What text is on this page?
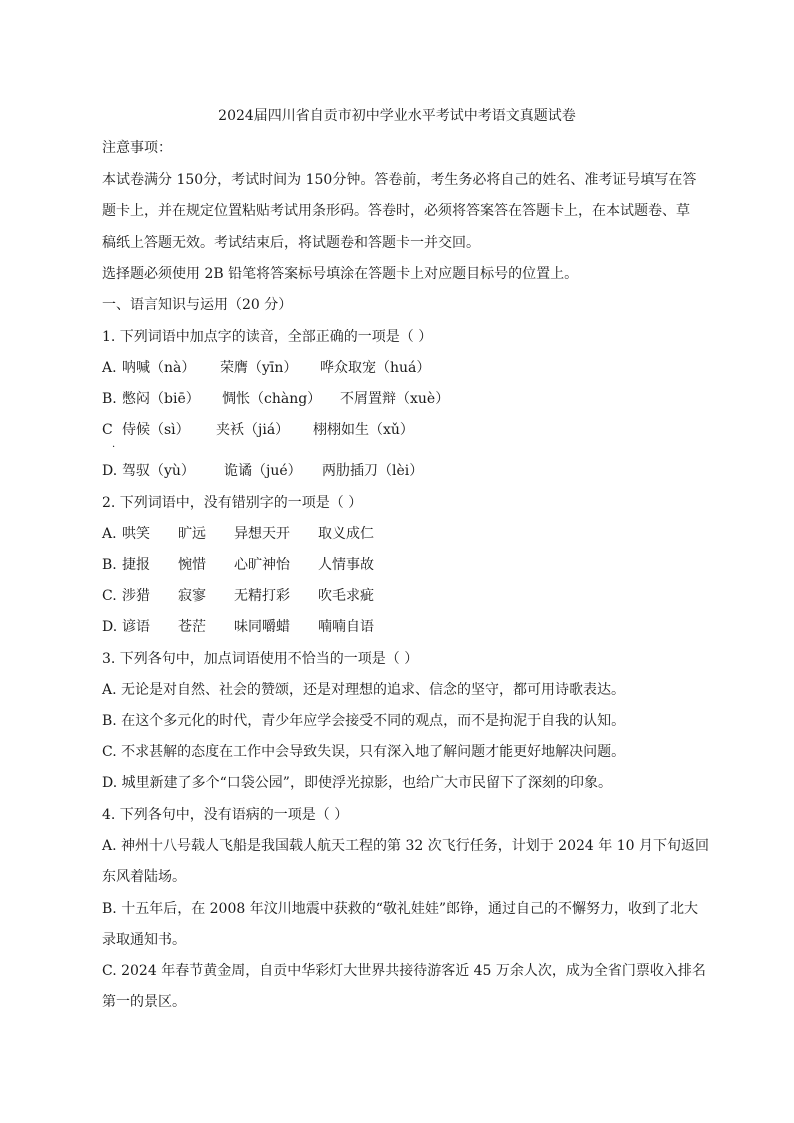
2024届四川省自贡市初中学业水平考试中考语文真题试卷
注意事项：
本试卷满分 150分，考试时间为 150分钟。答卷前，考生务必将自己的姓名、准考证号填写在答
题卡上，并在规定位置粘贴考试用条形码。答卷时，必须将答案答在答题卡上，在本试题卷、草
稿纸上答题无效。考试结束后，将试题卷和答题卡一并交回。
选择题必须使用 2B 铅笔将答案标号填涂在答题卡上对应题目标号的位置上。
一、语言知识与运用（20 分）
1. 下列词语中加点字的读音，全部正确的一项是（ ）
A. 呐喊（nà） 荣膺（yīn） 哗众取宠（huá）
B. 憋闷（biē） 惆怅（chàng） 不屑置辩（xuè）
C 侍候（sì） 夹袄（jiá） 栩栩如生（xǔ）
·
D. 驾驭（yù） 诡谲（jué） 两肋插刀（lèi）
2. 下列词语中，没有错别字的一项是（ ）
A. 哄笑 旷远 异想天开 取义成仁
B. 捷报 惋惜 心旷神怡 人情事故
C. 涉猎 寂寥 无精打彩 吹毛求疵
D. 谚语 苍茫 味同嚼蜡 喃喃自语
3. 下列各句中，加点词语使用不恰当的一项是（ ）
A. 无论是对自然、社会的赞颂，还是对理想的追求、信念的坚守，都可用诗歌表达。
B. 在这个多元化的时代，青少年应学会接受不同的观点，而不是拘泥于自我的认知。
C. 不求甚解的态度在工作中会导致失误，只有深入地了解问题才能更好地解决问题。
D. 城里新建了多个“口袋公园”，即使浮光掠影，也给广大市民留下了深刻的印象。
4. 下列各句中，没有语病的一项是（ ）
A. 神州十八号载人飞船是我国载人航天工程的第 32 次飞行任务，计划于 2024 年 10 月下旬返回
东风着陆场。
B. 十五年后，在 2008 年汶川地震中获救的“敬礼娃娃”郎铮，通过自己的不懈努力，收到了北大
录取通知书。
C. 2024 年春节黄金周，自贡中华彩灯大世界共接待游客近 45 万余人次，成为全省门票收入排名
第一的景区。
